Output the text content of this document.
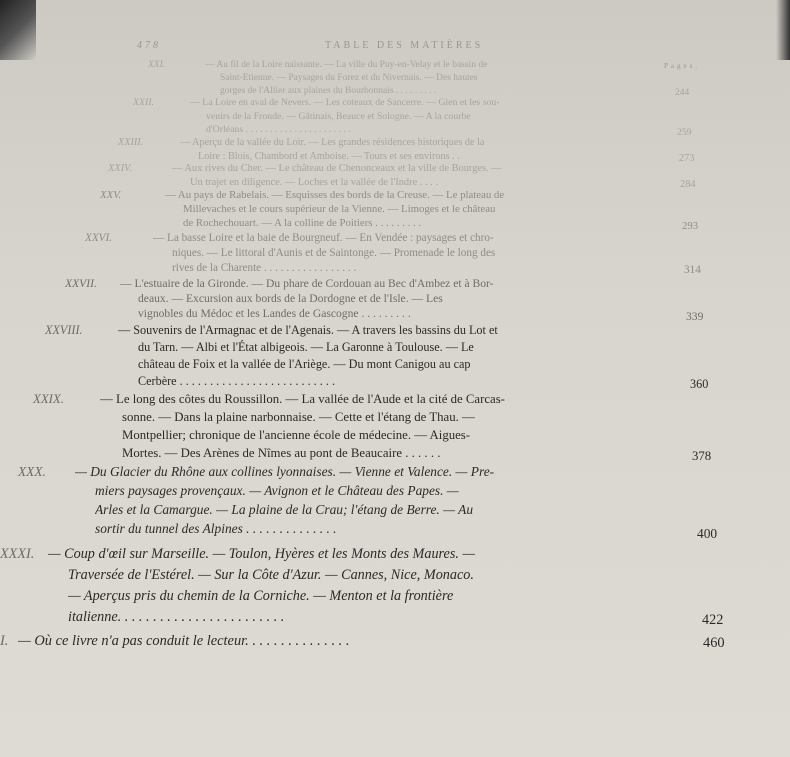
478	TABLE DES MATIÈRES
Pages.
XXI.	— Au fil de la Loire naissante. — La ville du Puy-en-Velay et le bassin de
Saint-Étienne. — Paysages du Forez et du Nivernais. — Des hautes
gorges de l'Allier aux plaines du Bourbonnais . . . . . . . . .	244
XXII.	— La Loire en aval de Nevers. — Les coteaux de Sancerre. — Gien et les sou-
venirs de la Fronde. — Gâtinais, Beauce et Sologne. — A la courbe
d'Orléans . . . . . . . . . . . . . . . . . . . . . .	259
XXIII.	— Aperçu de la vallée du Loir. — Les grandes résidences historiques de la
Loire : Blois, Chambord et Amboise. — Tours et ses environs . .	273
XXIV.	— Aux rives du Cher. — Le château de Chenonceaux et la ville de Bourges. —
Un trajet en diligence. — Loches et la vallée de l'Indre . . . .	284
XXV.	— Au pays de Rabelais. — Esquisses des bords de la Creuse. — Le plateau de
Millevaches et le cours supérieur de la Vienne. — Limoges et le château
de Rochechouart. — A la colline de Poitiers . . . . . . . . .	293
XXVI.	— La basse Loire et la baie de Bourgneuf. — En Vendée : paysages et chro-
niques. — Le littoral d'Aunis et de Saintonge. — Promenade le long des
rives de la Charente . . . . . . . . . . . . . . . . .	314
XXVII. — L'estuaire de la Gironde. — Du phare de Cordouan au Bec d'Ambez et à Bor-
deaux. — Excursion aux bords de la Dordogne et de l'Isle. — Les
vignobles du Médoc et les Landes de Gascogne . . . . . . . . .	339
XXVIII.	— Souvenirs de l'Armagnac et de l'Agenais. — A travers les bassins du Lot et
du Tarn. — Albi et l'État albigeois. — La Garonne à Toulouse. — Le
château de Foix et la vallée de l'Ariège. — Du mont Canigou au cap
Cerbère . . . . . . . . . . . . . . . . . . . . . . . . . .	360
XXIX.	— Le long des côtes du Roussillon. — La vallée de l'Aude et la cité de Carcas-
sonne. — Dans la plaine narbonnaise. — Cette et l'étang de Thau. —
Montpellier; chronique de l'ancienne école de médecine. — Aigues-
Mortes. — Des Arènes de Nîmes au pont de Beaucaire . . . . . .	378
XXX. — Du Glacier du Rhône aux collines lyonnaises. — Vienne et Valence. — Pre-
miers paysages provençaux. — Avignon et le Château des Papes. —
Arles et la Camargue. — La plaine de la Crau; l'étang de Berre. — Au
sortir du tunnel des Alpines . . . . . . . . . . . . . .	400
XXXI. — Coup d'œil sur Marseille. — Toulon, Hyères et les Monts des Maures. —
Traversée de l'Estérel. — Sur la Côte d'Azur. — Cannes, Nice, Monaco.
— Aperçus pris du chemin de la Corniche. — Menton et la frontière
italienne. . . . . . . . . . . . . . . . . . . . . . . .	422
I. — Où ce livre n'a pas conduit le lecteur. . . . . . . . . . . . . . .	460
